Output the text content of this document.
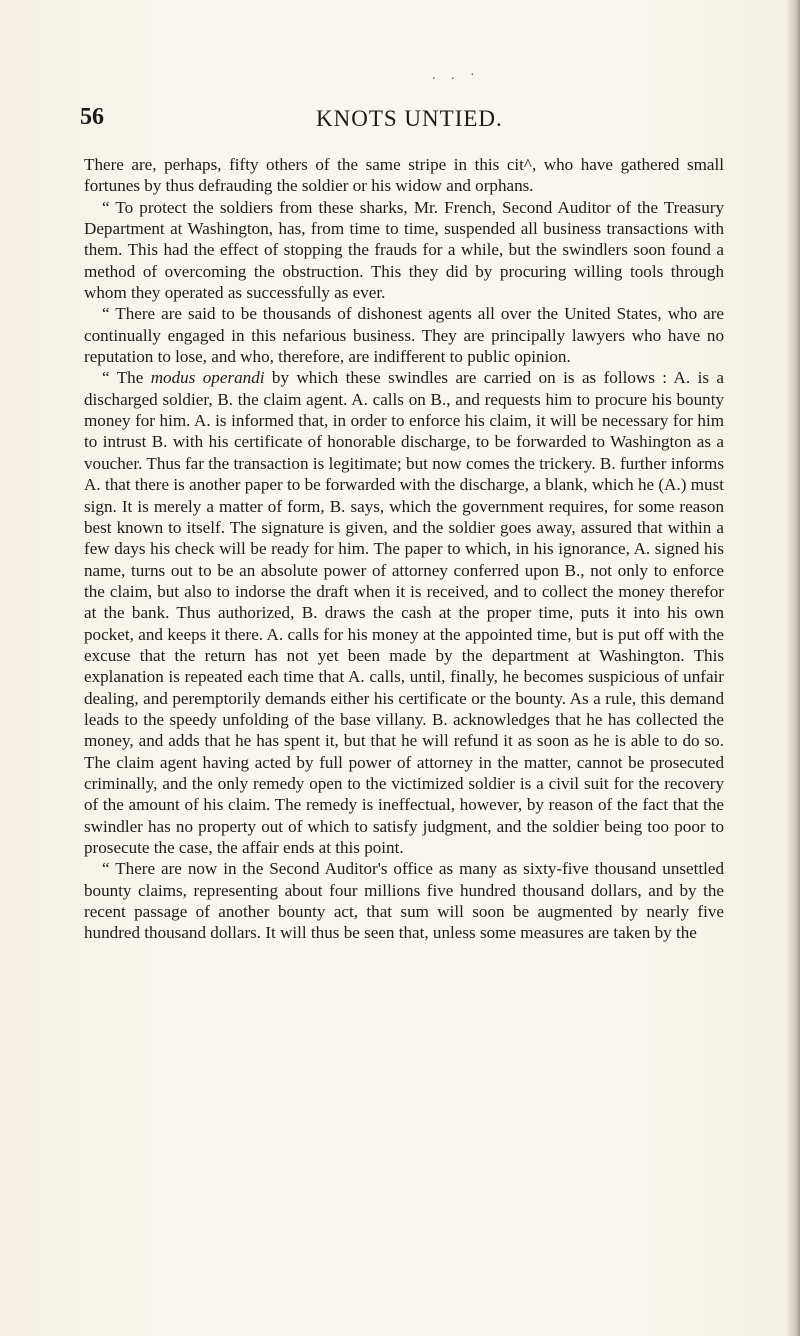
. . ·
56	KNOTS UNTIED.

There are, perhaps, fifty others of the same stripe in this cit^, who have gathered small fortunes by thus defrauding the soldier or his widow and orphans.

“ To protect the soldiers from these sharks, Mr. French, Second Auditor of the Treasury Department at Washington, has, from time to time, suspended all business transactions with them. This had the effect of stopping the frauds for a while, but the swindlers soon found a method of overcoming the obstruction. This they did by procuring willing tools through whom they operated as successfully as ever.

“ There are said to be thousands of dishonest agents all over the United States, who are continually engaged in this nefarious business. They are principally lawyers who have no reputation to lose, and who, therefore, are indifferent to public opinion.

“ The modus operandi by which these swindles are carried on is as follows : A. is a discharged soldier, B. the claim agent. A. calls on B., and requests him to procure his bounty money for him. A. is informed that, in order to enforce his claim, it will be necessary for him to intrust B. with his certificate of honorable discharge, to be forwarded to Washington as a voucher. Thus far the transaction is legitimate; but now comes the trickery. B. further informs A. that there is another paper to be forwarded with the discharge, a blank, which he (A.) must sign. It is merely a matter of form, B. says, which the government requires, for some reason best known to itself. The signature is given, and the soldier goes away, assured that within a few days his check will be ready for him. The paper to which, in his ignorance, A. signed his name, turns out to be an absolute power of attorney conferred upon B., not only to enforce the claim, but also to indorse the draft when it is received, and to collect the money therefor at the bank. Thus authorized, B. draws the cash at the proper time, puts it into his own pocket, and keeps it there. A. calls for his money at the appointed time, but is put off with the excuse that the return has not yet been made by the department at Washington. This explanation is repeated each time that A. calls, until, finally, he becomes suspicious of unfair dealing, and peremptorily demands either his certificate or the bounty. As a rule, this demand leads to the speedy unfolding of the base villany. B. acknowledges that he has collected the money, and adds that he has spent it, but that he will refund it as soon as he is able to do so. The claim agent having acted by full power of attorney in the matter, cannot be prosecuted criminally, and the only remedy open to the victimized soldier is a civil suit for the recovery of the amount of his claim. The remedy is ineffectual, however, by reason of the fact that the swindler has no property out of which to satisfy judgment, and the soldier being too poor to prosecute the case, the affair ends at this point.

“ There are now in the Second Auditor's office as many as sixty-five thousand unsettled bounty claims, representing about four millions five hundred thousand dollars, and by the recent passage of another bounty act, that sum will soon be augmented by nearly five hundred thousand dollars. It will thus be seen that, unless some measures are taken by the
